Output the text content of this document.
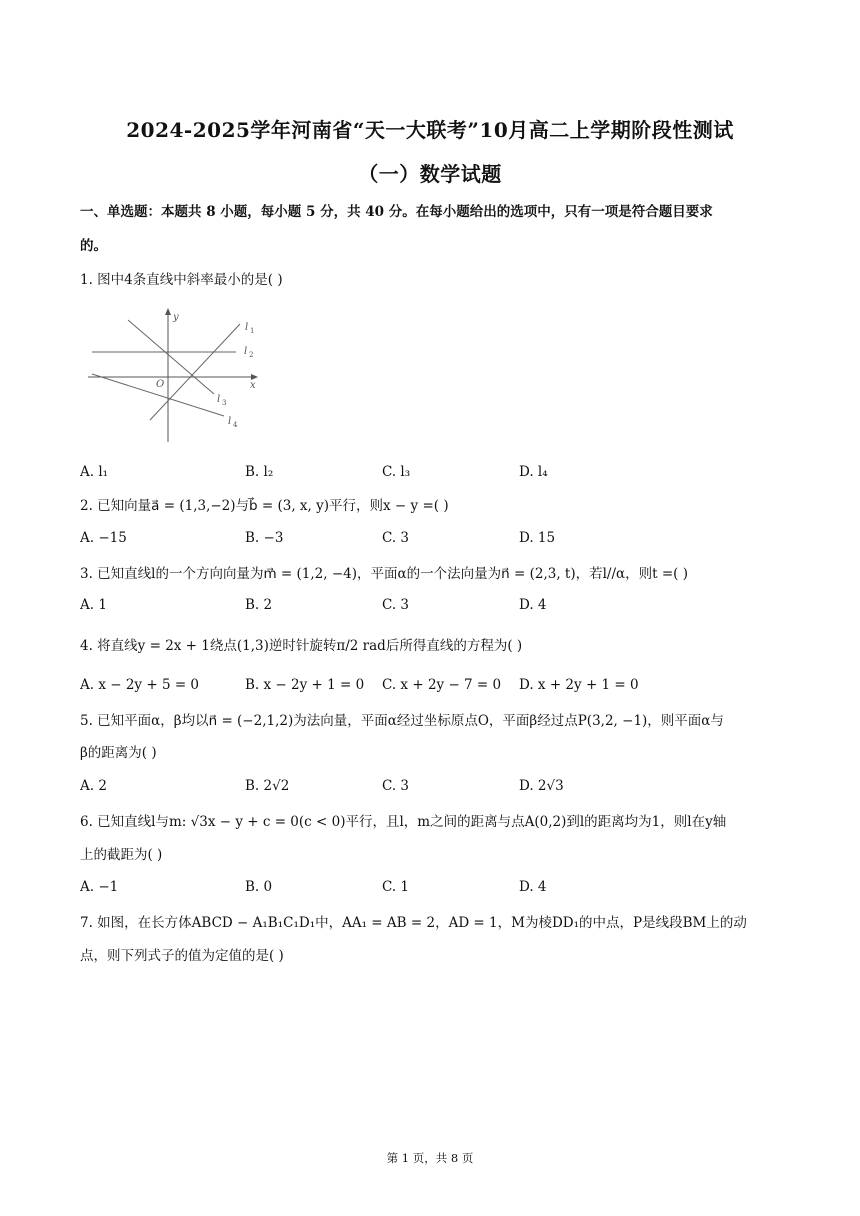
2024-2025学年河南省“天一大联考”10月高二上学期阶段性测试
（一）数学试题
一、单选题：本题共 8 小题，每小题 5 分，共 40 分。在每小题给出的选项中，只有一项是符合题目要求
的。
1. 图中4条直线中斜率最小的是( )
y
x
O
l 1
l 2
l 3
l 4
A. l₁	B. l₂	C. l₃	D. l₄
2. 已知向量a⃗ = (1,3,−2)与b⃗ = (3, x, y)平行，则x − y =( )
A. −15	B. −3	C. 3	D. 15
3. 已知直线l的一个方向向量为m⃗ = (1,2, −4)，平面α的一个法向量为n⃗ = (2,3, t)，若l//α，则t =( )
A. 1	B. 2	C. 3	D. 4
4. 将直线y = 2x + 1绕点(1,3)逆时针旋转π/2 rad后所得直线的方程为( )
A. x − 2y + 5 = 0	B. x − 2y + 1 = 0 C. x + 2y − 7 = 0 D. x + 2y + 1 = 0
5. 已知平面α，β均以n⃗ = (−2,1,2)为法向量，平面α经过坐标原点O，平面β经过点P(3,2, −1)，则平面α与
β的距离为( )
A. 2	B. 2√2	C. 3	D. 2√3
6. 已知直线l与m: √3x − y + c = 0(c < 0)平行，且l，m之间的距离与点A(0,2)到l的距离均为1，则l在y轴
上的截距为( )
A. −1	B. 0	C. 1	D. 4
7. 如图，在长方体ABCD − A₁B₁C₁D₁中，AA₁ = AB = 2，AD = 1，M为棱DD₁的中点，P是线段BM上的动
点，则下列式子的值为定值的是( )
第 1 页，共 8 页
